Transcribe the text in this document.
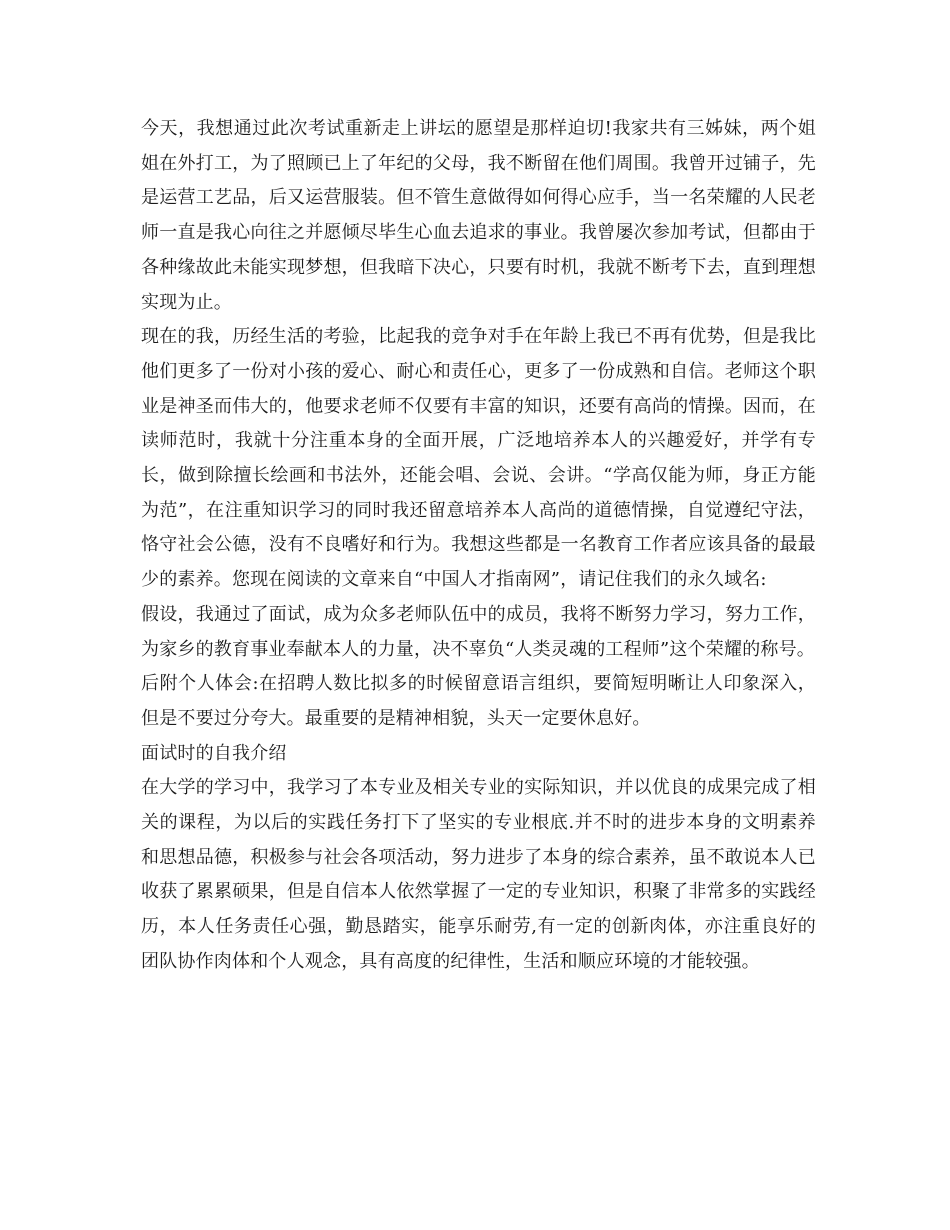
今天，我想通过此次考试重新走上讲坛的愿望是那样迫切!我家共有三姊妹，两个姐姐在外打工，为了照顾已上了年纪的父母，我不断留在他们周围。我曾开过铺子，先是运营工艺品，后又运营服装。但不管生意做得如何得心应手，当一名荣耀的人民老师一直是我心向往之并愿倾尽毕生心血去追求的事业。我曾屡次参加考试，但都由于各种缘故此未能实现梦想，但我暗下决心，只要有时机，我就不断考下去，直到理想实现为止。

现在的我，历经生活的考验，比起我的竞争对手在年龄上我已不再有优势，但是我比他们更多了一份对小孩的爱心、耐心和责任心，更多了一份成熟和自信。老师这个职业是神圣而伟大的，他要求老师不仅要有丰富的知识，还要有高尚的情操。因而，在读师范时，我就十分注重本身的全面开展，广泛地培养本人的兴趣爱好，并学有专长，做到除擅长绘画和书法外，还能会唱、会说、会讲。“学高仅能为师，身正方能为范”，在注重知识学习的同时我还留意培养本人高尚的道德情操，自觉遵纪守法，恪守社会公德，没有不良嗜好和行为。我想这些都是一名教育工作者应该具备的最最少的素养。您现在阅读的文章来自“中国人才指南网”，请记住我们的永久域名:

假设，我通过了面试，成为众多老师队伍中的成员，我将不断努力学习，努力工作，为家乡的教育事业奉献本人的力量，决不辜负“人类灵魂的工程师”这个荣耀的称号。

后附个人体会:在招聘人数比拟多的时候留意语言组织，要简短明晰让人印象深入，但是不要过分夸大。最重要的是精神相貌，头天一定要休息好。

面试时的自我介绍

在大学的学习中，我学习了本专业及相关专业的实际知识，并以优良的成果完成了相关的课程，为以后的实践任务打下了坚实的专业根底.并不时的进步本身的文明素养和思想品德，积极参与社会各项活动，努力进步了本身的综合素养，虽不敢说本人已收获了累累硕果，但是自信本人依然掌握了一定的专业知识，积聚了非常多的实践经历，本人任务责任心强，勤恳踏实，能享乐耐劳,有一定的创新肉体，亦注重良好的团队协作肉体和个人观念，具有高度的纪律性，生活和顺应环境的才能较强。
